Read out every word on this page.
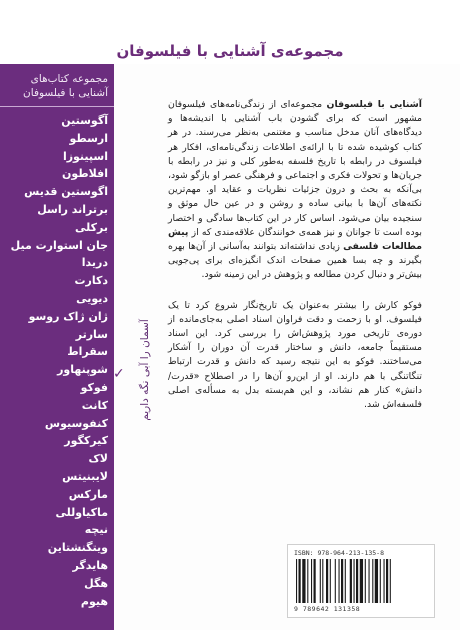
مجموعه‌ی آشنایی با فیلسوفان
مجموعه کتاب‌های
آشنایی با فیلسوفان
آگوستین
ارسطو
اسپینوزا
افلاطون
اگوستین قدیس
برتراند راسل
برکلی
جان استوارت میل
دریدا
دکارت
دیویی
ژان ژاک روسو
سارتر
سقراط
شوپنهاور
فوکو
کانت
کنفوسیوس
کیرکگور
لاک
لایبنیتس
مارکس
ماکیاوللی
نیچه
ویتگنشتاین
هایدگر
هگل
هیوم
✓ آسمان را آبی نگه داریم

آشنایی با فیلسوفان مجموعه‌ای از زندگی‌نامه‌های فیلسوفان مشهور است که برای گشودن باب آشنایی با اندیشه‌ها و دیدگاه‌های آنان مدخل مناسب و مغتنمی به‌نظر می‌رسند. در هر کتاب کوشیده شده تا با ارائه‌ی اطلاعات زندگی‌نامه‌ای، افکار هر فیلسوف در رابطه با تاریخ فلسفه به‌طور کلی و نیز در رابطه با جریان‌ها و تحولات فکری و اجتماعی و فرهنگی عصر او بازگو شود، بی‌آنکه به بحث و درون جزئیات نظریات و عقاید او. مهم‌ترین نکته‌های آن‌ها با بیانی ساده و روشن و در عین حال موثق و سنجیده بیان می‌شود. اساس کار در این کتاب‌ها سادگی و اختصار بوده است تا جوانان و نیز همه‌ی خوانندگان علاقه‌مندی که از پیش مطالعات فلسفی زیادی نداشته‌اند بتوانند به‌آسانی از آن‌ها بهره بگیرند و چه بسا همین صفحات اندک انگیزه‌ای برای پی‌جویی بیش‌تر و دنبال کردن مطالعه و پژوهش در این زمینه شود.

فوکو کارش را بیشتر به‌عنوان یک تاریخ‌نگار شروع کرد تا یک فیلسوف. او با زحمت و دقت فراوان اسناد اصلی به‌جای‌مانده از دوره‌ی تاریخی مورد پژوهش‌اش را بررسی کرد. این اسناد مستقیماً جامعه، دانش و ساختار قدرت آن دوران را آشکار می‌ساختند. فوکو به این نتیجه رسید که دانش و قدرت ارتباط تنگاتنگی با هم دارند. او از این‌رو آن‌ها را در اصطلاح «قدرت/دانش» کنار هم نشاند، و این هم‌بسته بدل به مسأله‌ی اصلی فلسفه‌اش شد.

ISBN: 978-964-213-135-8
9 789642 131358
